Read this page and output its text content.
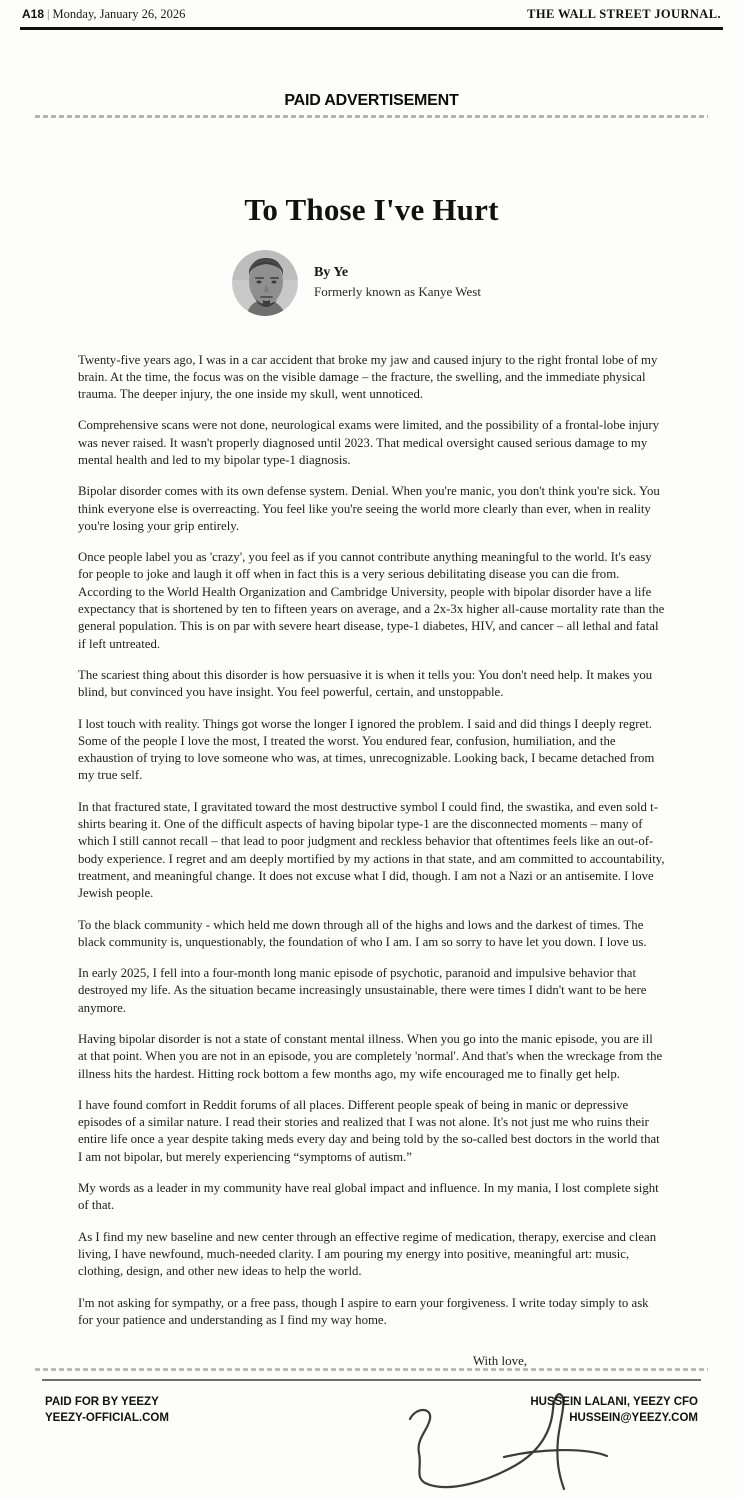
A18 | Monday, January 26, 2026	THE WALL STREET JOURNAL.
PAID ADVERTISEMENT
To Those I've Hurt
By Ye
Formerly known as Kanye West

Twenty-five years ago, I was in a car accident that broke my jaw and caused injury to the right frontal lobe of my brain. At the time, the focus was on the visible damage – the fracture, the swelling, and the immediate physical trauma. The deeper injury, the one inside my skull, went unnoticed.

Comprehensive scans were not done, neurological exams were limited, and the possibility of a frontal-lobe injury was never raised. It wasn't properly diagnosed until 2023. That medical oversight caused serious damage to my mental health and led to my bipolar type-1 diagnosis.

Bipolar disorder comes with its own defense system. Denial. When you're manic, you don't think you're sick. You think everyone else is overreacting. You feel like you're seeing the world more clearly than ever, when in reality you're losing your grip entirely.

Once people label you as 'crazy', you feel as if you cannot contribute anything meaningful to the world. It's easy for people to joke and laugh it off when in fact this is a very serious debilitating disease you can die from. According to the World Health Organization and Cambridge University, people with bipolar disorder have a life expectancy that is shortened by ten to fifteen years on average, and a 2x-3x higher all-cause mortality rate than the general population. This is on par with severe heart disease, type-1 diabetes, HIV, and cancer – all lethal and fatal if left untreated.

The scariest thing about this disorder is how persuasive it is when it tells you: You don't need help. It makes you blind, but convinced you have insight. You feel powerful, certain, and unstoppable.

I lost touch with reality. Things got worse the longer I ignored the problem. I said and did things I deeply regret. Some of the people I love the most, I treated the worst. You endured fear, confusion, humiliation, and the exhaustion of trying to love someone who was, at times, unrecognizable. Looking back, I became detached from my true self.

In that fractured state, I gravitated toward the most destructive symbol I could find, the swastika, and even sold t-shirts bearing it. One of the difficult aspects of having bipolar type-1 are the disconnected moments – many of which I still cannot recall – that lead to poor judgment and reckless behavior that oftentimes feels like an out-of-body experience. I regret and am deeply mortified by my actions in that state, and am committed to accountability, treatment, and meaningful change. It does not excuse what I did, though. I am not a Nazi or an antisemite. I love Jewish people.

To the black community - which held me down through all of the highs and lows and the darkest of times. The black community is, unquestionably, the foundation of who I am. I am so sorry to have let you down. I love us.

In early 2025, I fell into a four-month long manic episode of psychotic, paranoid and impulsive behavior that destroyed my life. As the situation became increasingly unsustainable, there were times I didn't want to be here anymore.

Having bipolar disorder is not a state of constant mental illness. When you go into the manic episode, you are ill at that point. When you are not in an episode, you are completely 'normal'. And that's when the wreckage from the illness hits the hardest. Hitting rock bottom a few months ago, my wife encouraged me to finally get help.

I have found comfort in Reddit forums of all places. Different people speak of being in manic or depressive episodes of a similar nature. I read their stories and realized that I was not alone. It's not just me who ruins their entire life once a year despite taking meds every day and being told by the so-called best doctors in the world that I am not bipolar, but merely experiencing “symptoms of autism.”

My words as a leader in my community have real global impact and influence. In my mania, I lost complete sight of that.

As I find my new baseline and new center through an effective regime of medication, therapy, exercise and clean living, I have newfound, much-needed clarity. I am pouring my energy into positive, meaningful art: music, clothing, design, and other new ideas to help the world.

I'm not asking for sympathy, or a free pass, though I aspire to earn your forgiveness. I write today simply to ask for your patience and understanding as I find my way home.

With love,
PAID FOR BY YEEZY
YEEZY-OFFICIAL.COM
HUSSEIN LALANI, YEEZY CFO
HUSSEIN@YEEZY.COM
